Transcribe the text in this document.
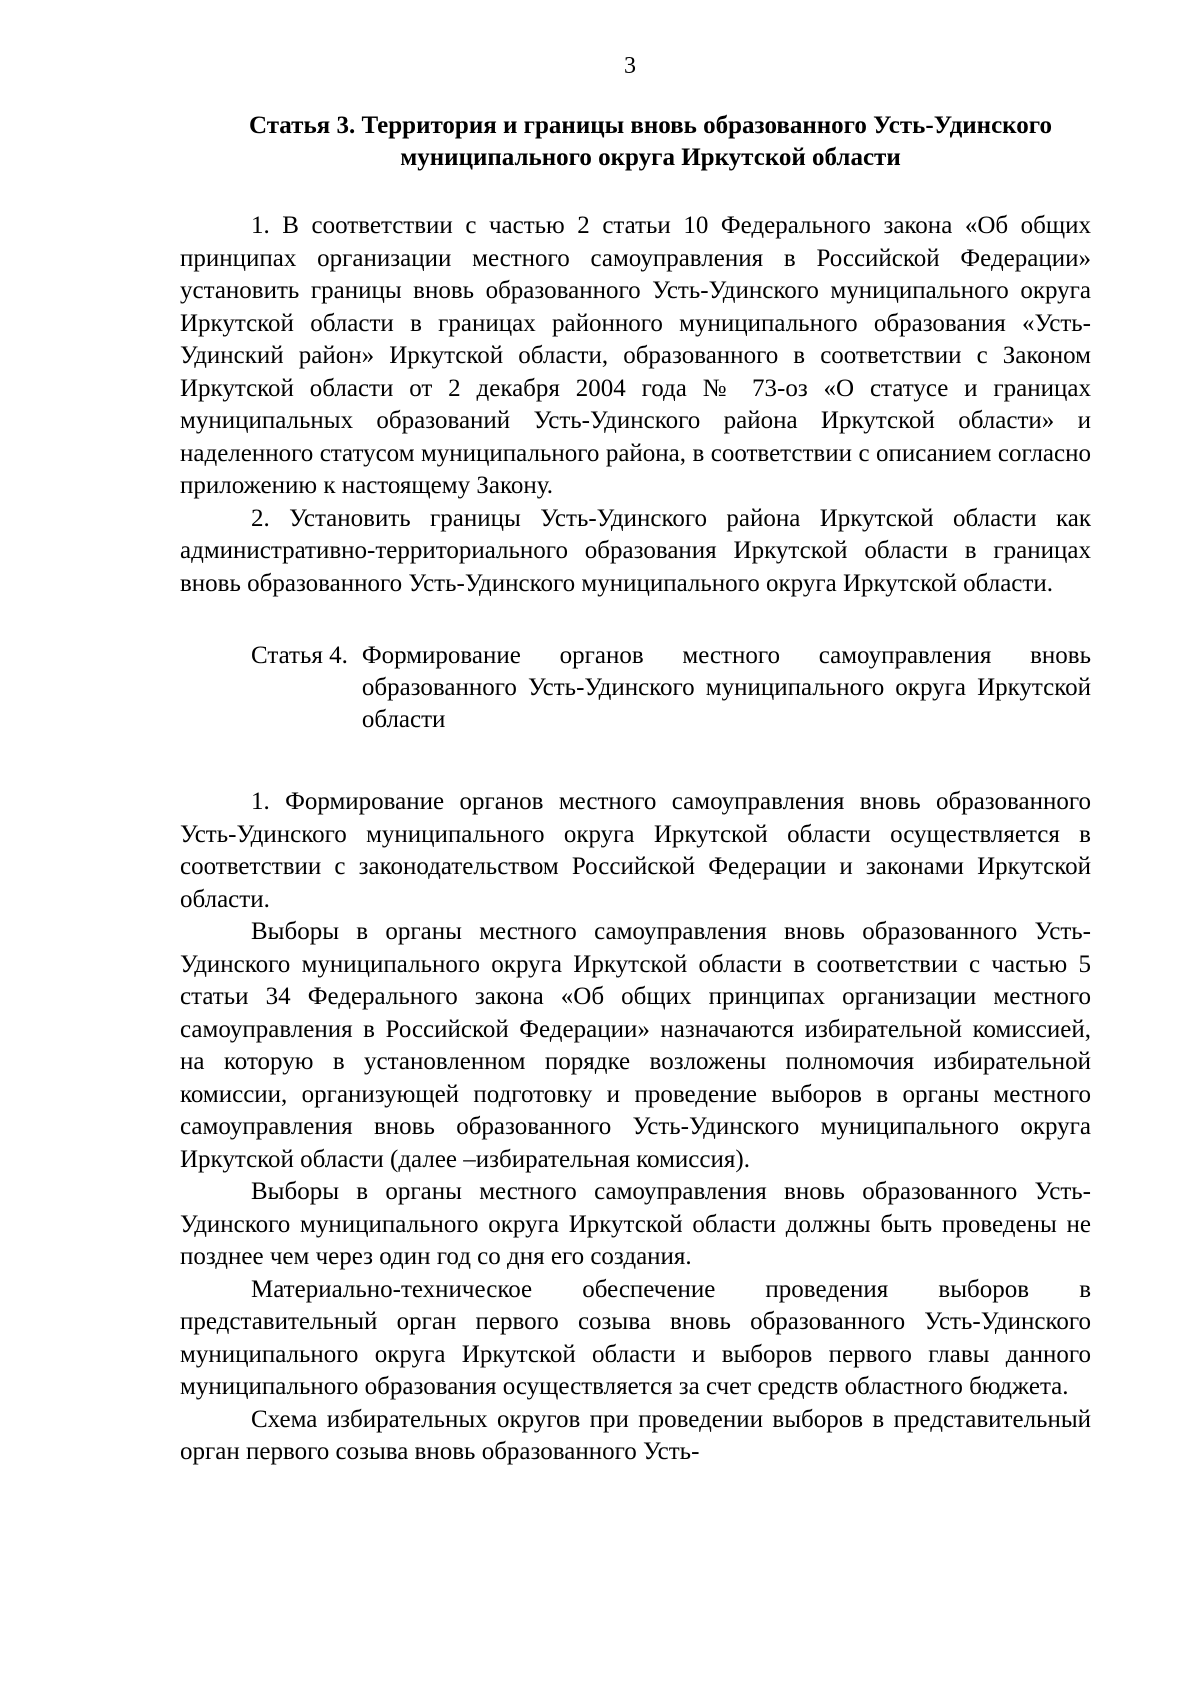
3
Статья 3. Территория и границы вновь образованного Усть-Удинского муниципального округа Иркутской области

1. В соответствии с частью 2 статьи 10 Федерального закона «Об общих принципах организации местного самоуправления в Российской Федерации» установить границы вновь образованного Усть-Удинского муниципального округа Иркутской области в границах районного муниципального образования «Усть-Удинский район» Иркутской области, образованного в соответствии с Законом Иркутской области от 2 декабря 2004 года № 73-оз «О статусе и границах муниципальных образований Усть-Удинского района Иркутской области» и наделенного статусом муниципального района, в соответствии с описанием согласно приложению к настоящему Закону.

2. Установить границы Усть-Удинского района Иркутской области как административно-территориального образования Иркутской области в границах вновь образованного Усть-Удинского муниципального округа Иркутской области.

Статья 4. Формирование органов местного самоуправления вновь образованного Усть-Удинского муниципального округа Иркутской области

1. Формирование органов местного самоуправления вновь образованного Усть-Удинского муниципального округа Иркутской области осуществляется в соответствии с законодательством Российской Федерации и законами Иркутской области.

Выборы в органы местного самоуправления вновь образованного Усть-Удинского муниципального округа Иркутской области в соответствии с частью 5 статьи 34 Федерального закона «Об общих принципах организации местного самоуправления в Российской Федерации» назначаются избирательной комиссией, на которую в установленном порядке возложены полномочия избирательной комиссии, организующей подготовку и проведение выборов в органы местного самоуправления вновь образованного Усть-Удинского муниципального округа Иркутской области (далее –избирательная комиссия).

Выборы в органы местного самоуправления вновь образованного Усть-Удинского муниципального округа Иркутской области должны быть проведены не позднее чем через один год со дня его создания.

Материально-техническое обеспечение проведения выборов в представительный орган первого созыва вновь образованного Усть-Удинского муниципального округа Иркутской области и выборов первого главы данного муниципального образования осуществляется за счет средств областного бюджета.

Схема избирательных округов при проведении выборов в представительный орган первого созыва вновь образованного Усть-
